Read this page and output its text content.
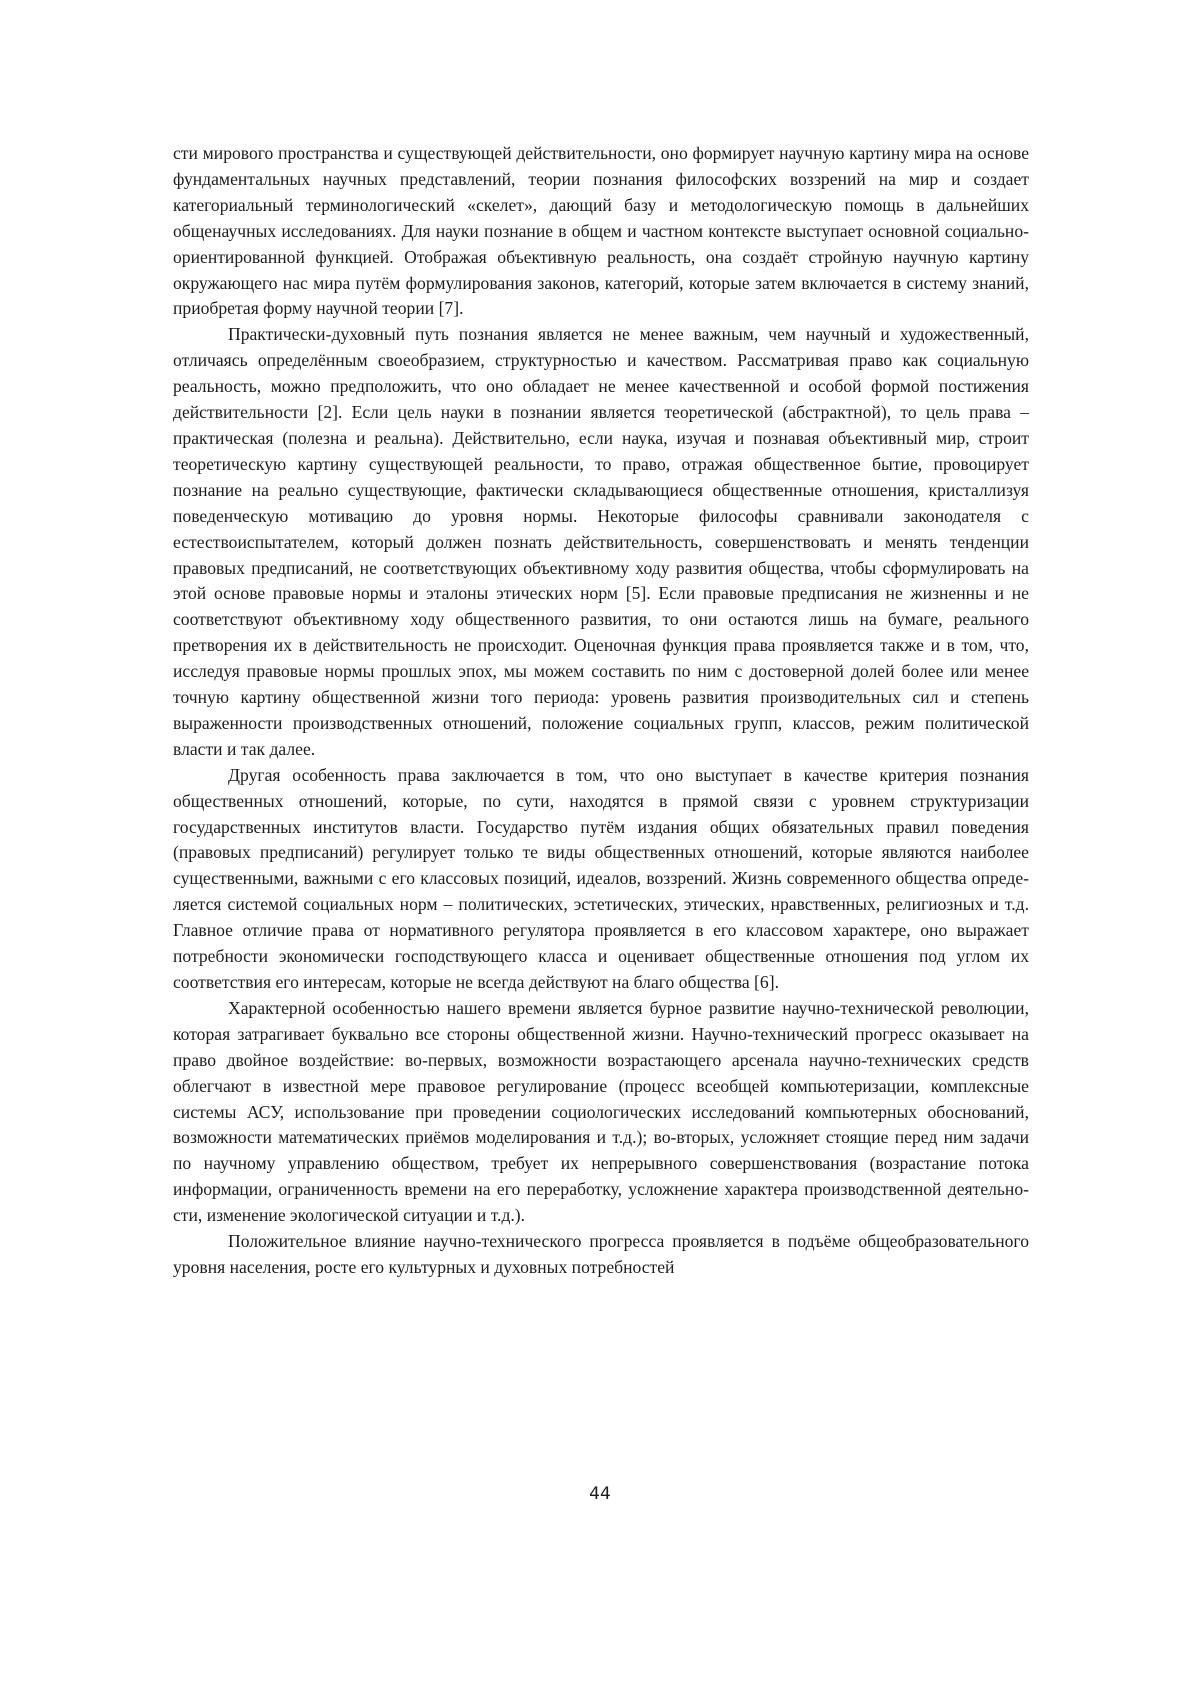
сти мирового пространства и существующей действительности, оно формирует научную картину мира на основе фундаментальных научных представлений, теории познания философских воззрений на мир и создает категориальный терминологический «скелет», дающий базу и методологическую помощь в дальнейших общенаучных исследованиях. Для науки познание в общем и частном контексте выступает основной социально-ориентированной функцией. Отображая объективную реальность, она создаёт стройную научную картину окружающего нас мира путём формулирования законов, категорий, которые затем включается в систему знаний, приобретая форму научной теории [7].

Практически-духовный путь познания является не менее важным, чем научный и художественный, отличаясь определённым своеобразием, структурностью и качеством. Рассматривая право как социальную реальность, можно предположить, что оно обладает не менее качественной и особой формой постижения действительности [2]. Если цель науки в познании является теоретической (абстрактной), то цель права – практическая (полезна и реальна). Действительно, если наука, изучая и познавая объективный мир, строит теоретическую картину существующей реальности, то право, отражая общественное бытие, провоцирует познание на реально существующие, фактически складывающиеся общественные отношения, кристаллизуя поведенческую мотивацию до уровня нормы. Некоторые философы сравнивали законодателя с естествоиспытателем, который должен познать действительность, совершенствовать и менять тенденции правовых предписаний, не соответствующих объективному ходу развития общества, чтобы сформулировать на этой основе правовые нормы и эталоны этических норм [5]. Если правовые предписания не жизненны и не соответствуют объективному ходу общественного развития, то они остаются лишь на бумаге, реального претворения их в действительность не происходит. Оценочная функция права проявляется также и в том, что, исследуя правовые нормы прошлых эпох, мы можем составить по ним с достоверной долей более или менее точную картину общественной жизни того периода: уровень развития производительных сил и степень выраженности производственных отношений, положение социальных групп, классов, режим политической власти и так далее.

Другая особенность права заключается в том, что оно выступает в качестве критерия познания общественных отношений, которые, по сути, находятся в прямой связи с уровнем структуризации государственных институтов власти. Государство путём издания общих обязательных правил поведения (правовых предписаний) регулирует только те виды общественных отношений, которые являются наиболее существенными, важными с его классовых позиций, идеалов, воззрений. Жизнь современного общества определяется системой социальных норм – политических, эстетических, этических, нравственных, религиозных и т.д. Главное отличие права от нормативного регулятора проявляется в его классовом характере, оно выражает потребности экономически господствующего класса и оценивает общественные отношения под углом их соответствия его интересам, которые не всегда действуют на благо общества [6].

Характерной особенностью нашего времени является бурное развитие научно-технической революции, которая затрагивает буквально все стороны общественной жизни. Научно-технический прогресс оказывает на право двойное воздействие: во-первых, возможности возрастающего арсенала научно-технических средств облегчают в известной мере правовое регулирование (процесс всеобщей компьютеризации, комплексные системы АСУ, использование при проведении социологических исследований компьютерных обоснований, возможности математических приёмов моделирования и т.д.); во-вторых, усложняет стоящие перед ним задачи по научному управлению обществом, требует их непрерывного совершенствования (возрастание потока информации, ограниченность времени на его переработку, усложнение характера производственной деятельности, изменение экологической ситуации и т.д.).

Положительное влияние научно-технического прогресса проявляется в подъёме общеобразовательного уровня населения, росте его культурных и духовных потребностей

44
